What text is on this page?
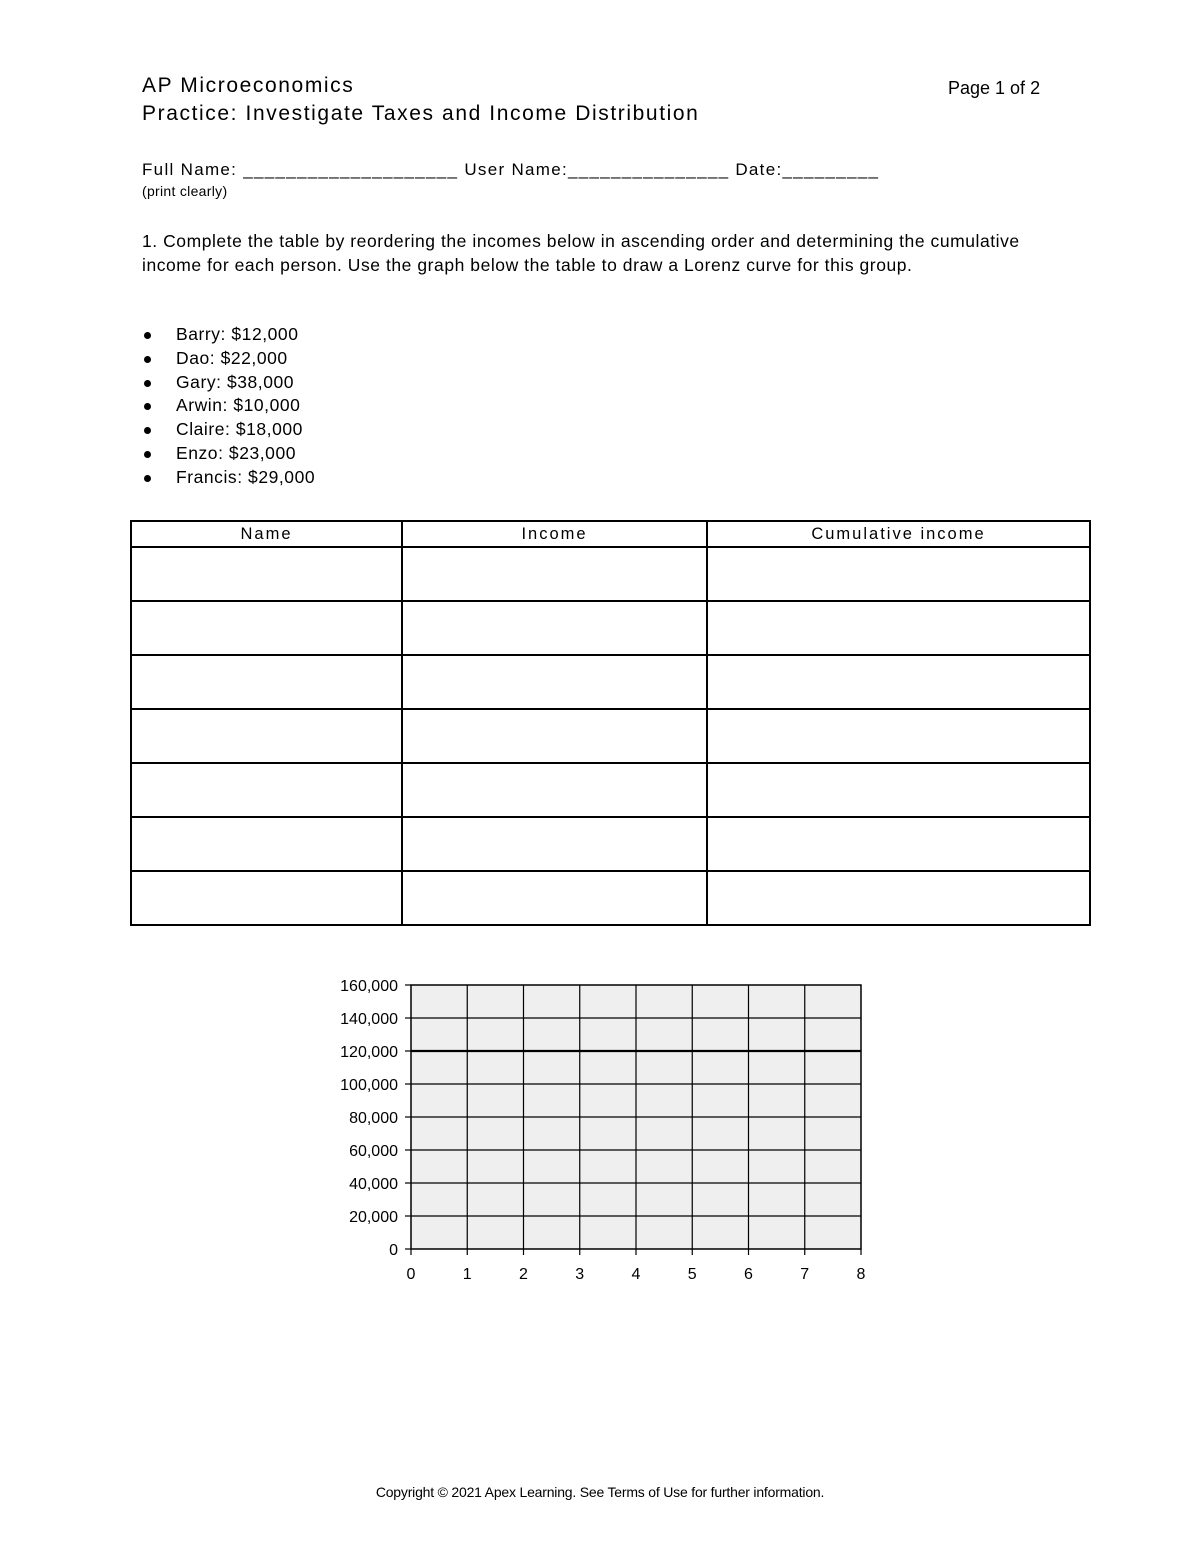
AP Microeconomics
Practice: Investigate Taxes and Income Distribution
Page 1 of 2
Full Name: ____________________ User Name:_______________ Date:_________
(print clearly)
1. Complete the table by reordering the incomes below in ascending order and determining the cumulative income for each person. Use the graph below the table to draw a Lorenz curve for this group.
Barry: $12,000
Dao: $22,000
Gary: $38,000
Arwin: $10,000
Claire: $18,000
Enzo: $23,000
Francis: $29,000
Name	Income	Cumulative income

0
20,000
40,000
60,000
80,000
100,000
120,000
140,000
160,000
0	1	2	3	4	5	6	7	8
Copyright © 2021 Apex Learning. See Terms of Use for further information.
